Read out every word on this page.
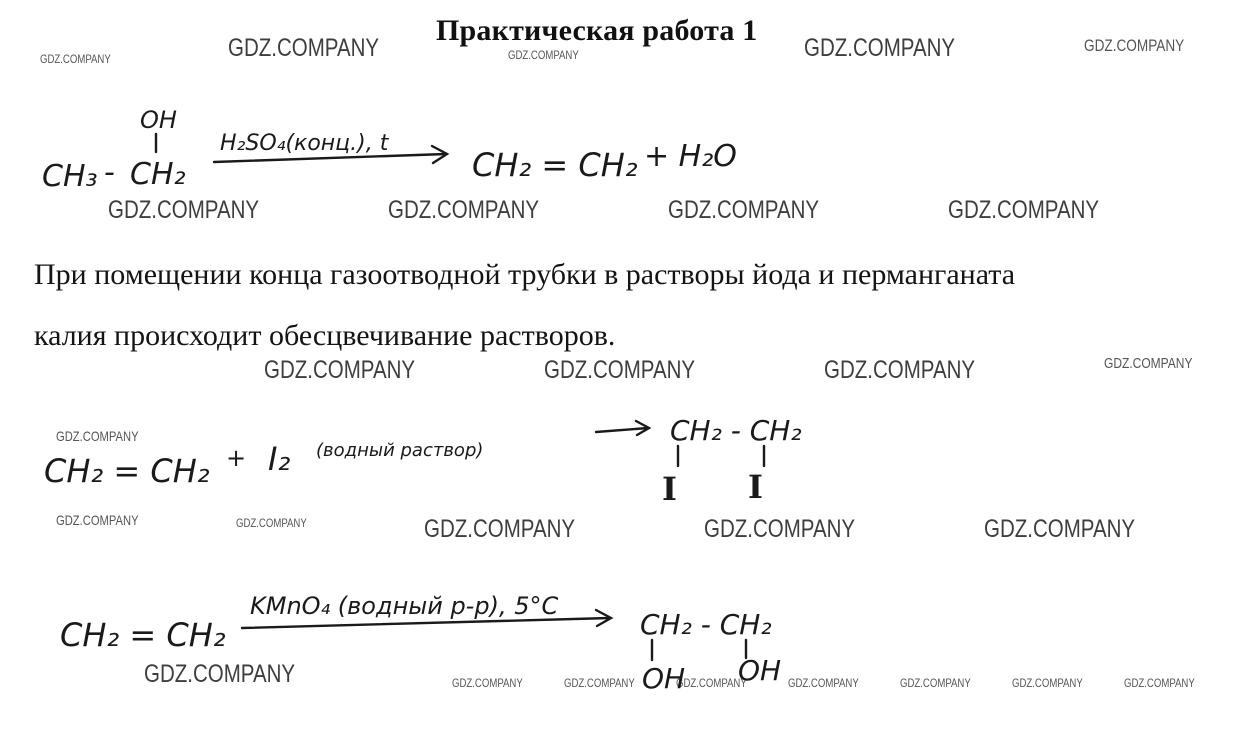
Практическая работа 1
При помещении конца газоотводной трубки в растворы йода и перманганата
калия происходит обесцвечивание растворов.
GDZ.COMPANY	GDZ.COMPANY	GDZ.COMPANY	GDZ.COMPANY	GDZ.COMPANY
GDZ.COMPANY	GDZ.COMPANY	GDZ.COMPANY	GDZ.COMPANY
GDZ.COMPANY	GDZ.COMPANY	GDZ.COMPANY	GDZ.COMPANY
GDZ.COMPANY
GDZ.COMPANY	GDZ.COMPANY	GDZ.COMPANY	GDZ.COMPANY	GDZ.COMPANY
GDZ.COMPANY	GDZ.COMPANY	GDZ.COMPANY	GDZ.COMPANY	GDZ.COMPANY	GDZ.COMPANY	GDZ.COMPANY	GDZ.COMPANY
OH
CH₃ - CH₂
H₂SO₄(конц.), t
CH₂ = CH₂ + H₂O
CH₂ = CH₂ + I₂ (водный раствор)
CH₂ - CH₂
I I
CH₂ = CH₂
KMnO₄ (водный р-р), 5°C
CH₂ - CH₂
OH OH
